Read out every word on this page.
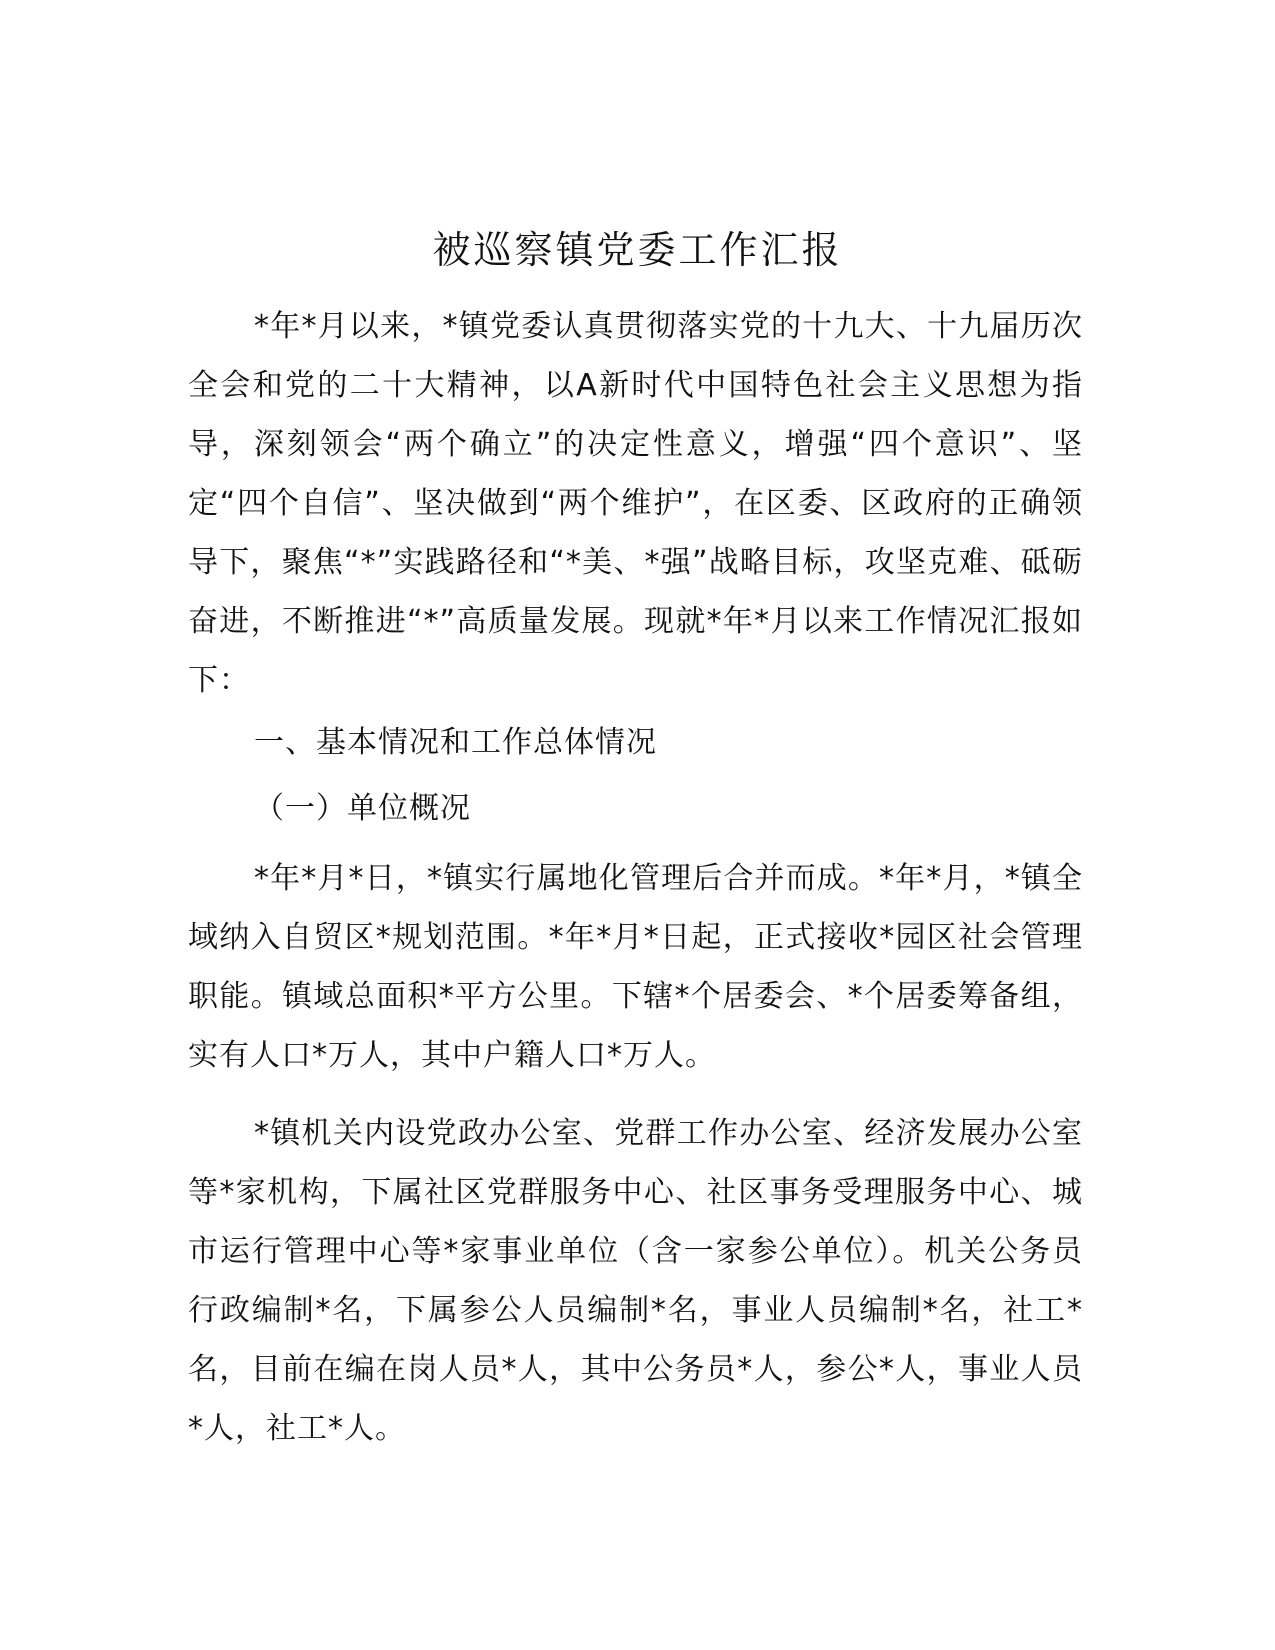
被巡察镇党委工作汇报

*年*月以来，*镇党委认真贯彻落实党的十九大、十九届历次全会和党的二十大精神，以A新时代中国特色社会主义思想为指导，深刻领会“两个确立”的决定性意义，增强“四个意识”、坚定“四个自信”、坚决做到“两个维护”，在区委、区政府的正确领导下，聚焦“*”实践路径和“*美、*强”战略目标，攻坚克难、砥砺奋进，不断推进“*”高质量发展。现就*年*月以来工作情况汇报如下：

一、基本情况和工作总体情况

（一）单位概况

*年*月*日，*镇实行属地化管理后合并而成。*年*月，*镇全域纳入自贸区*规划范围。*年*月*日起，正式接收*园区社会管理职能。镇域总面积*平方公里。下辖*个居委会、*个居委筹备组，实有人口*万人，其中户籍人口*万人。

*镇机关内设党政办公室、党群工作办公室、经济发展办公室等*家机构，下属社区党群服务中心、社区事务受理服务中心、城市运行管理中心等*家事业单位（含一家参公单位）。机关公务员行政编制*名，下属参公人员编制*名，事业人员编制*名，社工*名，目前在编在岗人员*人，其中公务员*人，参公*人，事业人员*人，社工*人。
